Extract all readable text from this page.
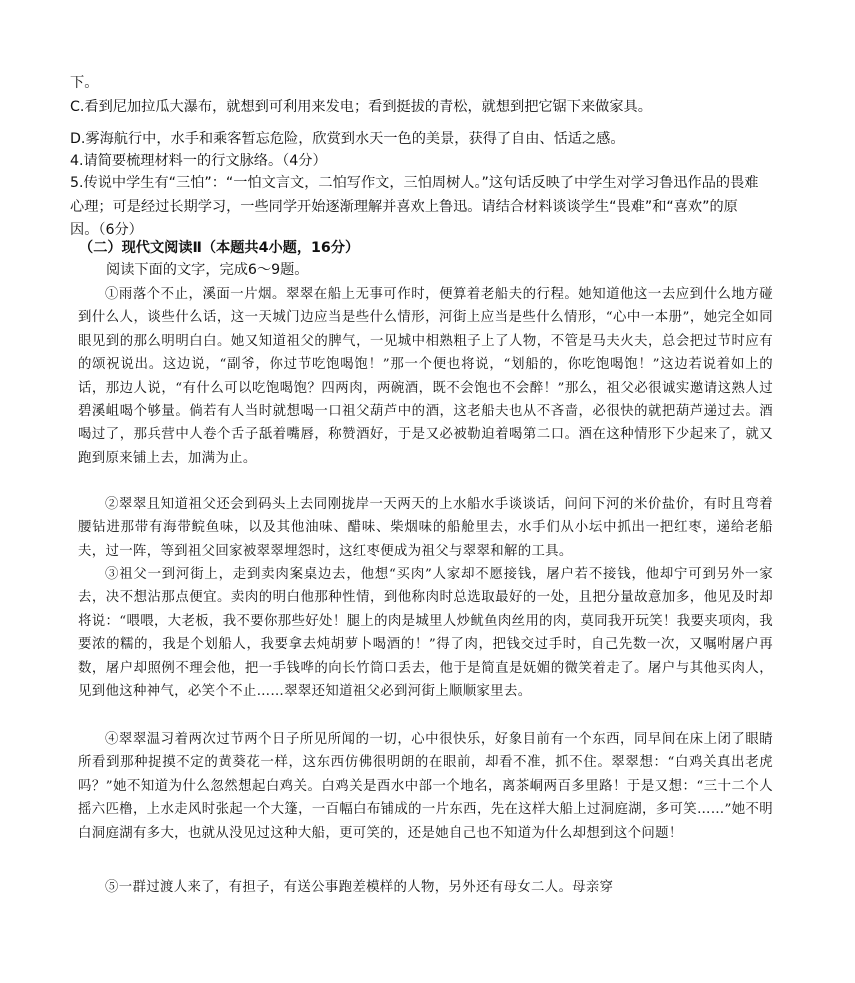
下。

C.看到尼加拉瓜大瀑布，就想到可利用来发电；看到挺拔的青松，就想到把它锯下来做家具。

D.雾海航行中，水手和乘客暂忘危险，欣赏到水天一色的美景，获得了自由、恬适之感。

4.请简要梳理材料一的行文脉络。（4分）

5.传说中学生有“三怕”：“一怕文言文，二怕写作文，三怕周树人。”这句话反映了中学生对学习鲁迅作品的畏难心理；可是经过长期学习，一些同学开始逐渐理解并喜欢上鲁迅。请结合材料谈谈学生“畏难”和“喜欢”的原因。（6分）

（二）现代文阅读Ⅱ（本题共4小题，16分）

阅读下面的文字，完成6～9题。

①雨落个不止，溪面一片烟。翠翠在船上无事可作时，便算着老船夫的行程。她知道他这一去应到什么地方碰到什么人，谈些什么话，这一天城门边应当是些什么情形，河街上应当是些什么情形，“心中一本册”，她完全如同眼见到的那么明明白白。她又知道祖父的脾气，一见城中相熟粗子上了人物，不管是马夫火夫，总会把过节时应有的颂祝说出。这边说，“副爷，你过节吃饱喝饱！”那一个便也将说，“划船的，你吃饱喝饱！”这边若说着如上的话，那边人说，“有什么可以吃饱喝饱？四两肉，两碗酒，既不会饱也不会醉！”那么，祖父必很诚实邀请这熟人过碧溪岨喝个够量。倘若有人当时就想喝一口祖父葫芦中的酒，这老船夫也从不吝啬，必很快的就把葫芦递过去。酒喝过了，那兵营中人卷个舌子舐着嘴唇，称赞酒好，于是又必被勒迫着喝第二口。酒在这种情形下少起来了，就又跑到原来铺上去，加满为止。

②翠翠且知道祖父还会到码头上去同刚拢岸一天两天的上水船水手谈谈话，问问下河的米价盐价，有时且弯着腰钻进那带有海带鲩鱼味，以及其他油味、醋味、柴烟味的船舱里去，水手们从小坛中抓出一把红枣，递给老船夫，过一阵，等到祖父回家被翠翠埋怨时，这红枣便成为祖父与翠翠和解的工具。

③祖父一到河街上，走到卖肉案桌边去，他想“买肉”人家却不愿接钱，屠户若不接钱，他却宁可到另外一家去，决不想沾那点便宜。卖肉的明白他那种性情，到他称肉时总选取最好的一处，且把分量故意加多，他见及时却将说：“喂喂，大老板，我不要你那些好处！腿上的肉是城里人炒鱿鱼肉丝用的肉，莫同我开玩笑！我要夹项肉，我要浓的糯的，我是个划船人，我要拿去炖胡萝卜喝酒的！”得了肉，把钱交过手时，自己先数一次，又嘱咐屠户再数，屠户却照例不理会他，把一手钱哗的向长竹筒口丢去，他于是简直是妩媚的微笑着走了。屠户与其他买肉人，见到他这种神气，必笑个不止……翠翠还知道祖父必到河街上顺顺家里去。

④翠翠温习着两次过节两个日子所见所闻的一切，心中很快乐，好象目前有一个东西，同早间在床上闭了眼睛所看到那种捉摸不定的黄葵花一样，这东西仿佛很明朗的在眼前，却看不准，抓不住。翠翠想：“白鸡关真出老虎吗？”她不知道为什么忽然想起白鸡关。白鸡关是酉水中部一个地名，离茶峒两百多里路！于是又想：“三十二个人摇六匹橹，上水走风时张起一个大篷，一百幅白布铺成的一片东西，先在这样大船上过洞庭湖，多可笑……”她不明白洞庭湖有多大，也就从没见过这种大船，更可笑的，还是她自己也不知道为什么却想到这个问题！

⑤一群过渡人来了，有担子，有送公事跑差模样的人物，另外还有母女二人。母亲穿
